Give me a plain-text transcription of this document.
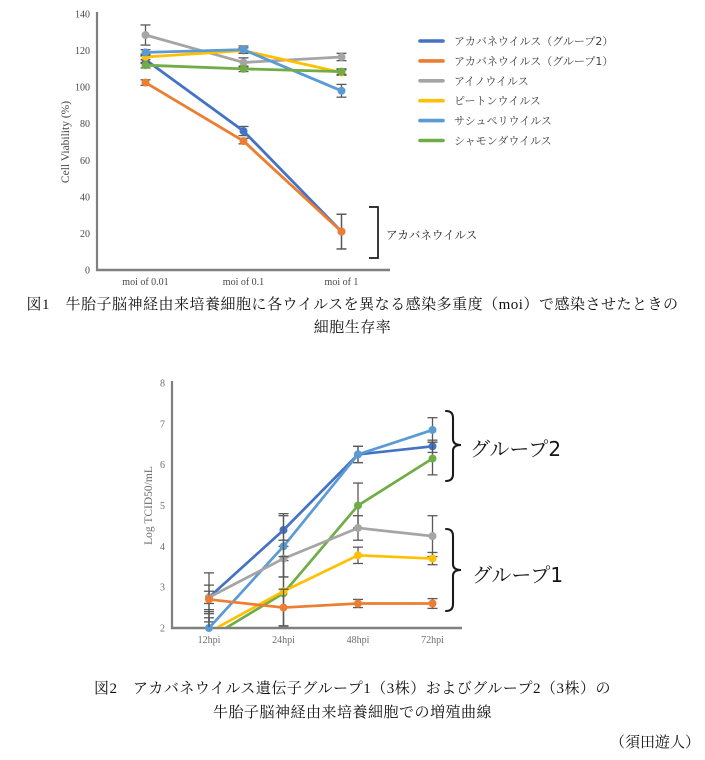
140
120
100
80
60
40
20
0
moi of 0.01	moi of 0.1	moi of 1
Cell Viability (%)
アカバネウイルス（グループ2）
アカバネウイルス（グループ1）
アイノウイルス
ピートンウイルス
サシュペリウイルス
シャモンダウイルス
アカバネウイルス
図1　牛胎子脳神経由来培養細胞に各ウイルスを異なる感染多重度（moi）で感染させたときの
細胞生存率
8
7
6
5
4
3
2
12hpi	24hpi	48hpi	72hpi
Log TCID50/mL
グループ2
グループ1
図2　アカバネウイルス遺伝子グループ1（3株）およびグループ2（3株）の
牛胎子脳神経由来培養細胞での増殖曲線
（須田遊人）
